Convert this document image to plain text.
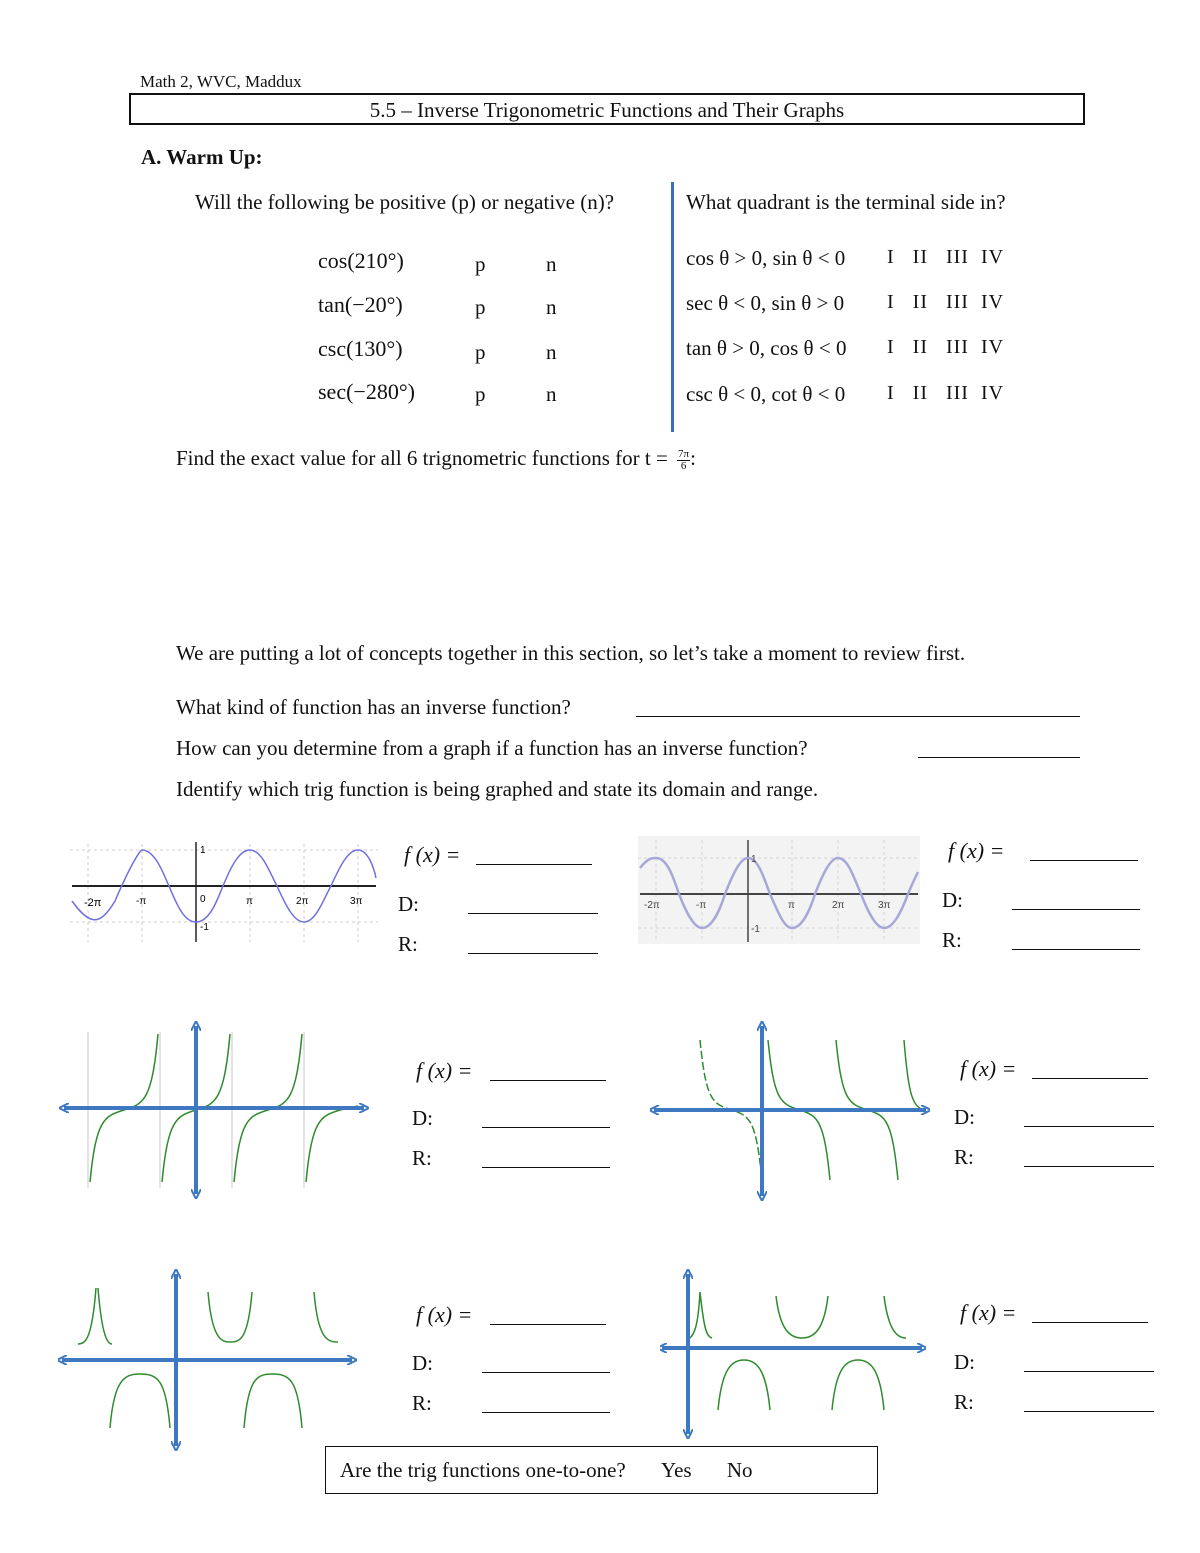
Math 2, WVC, Maddux
5.5 – Inverse Trigonometric Functions and Their Graphs
A. Warm Up:
Will the following be positive (p) or negative (n)?	What quadrant is the terminal side in?
cos(210°)	p	n
tan(−20°)	p	n
csc(130°)	p	n
sec(−280°)	p	n
cos θ > 0, sin θ < 0 I   II   III  IV
sec θ < 0, sin θ > 0 I   II   III  IV
tan θ > 0, cos θ < 0 I   II   III  IV
csc θ < 0, cot θ < 0 I   II   III  IV
Find the exact value for all 6 trignometric functions for $t = \frac{7\pi}{6}$ :
We are putting a lot of concepts together in this section, so let’s take a moment to review first.
What kind of function has an inverse function?
How can you determine from a graph if a function has an inverse function?
Identify which trig function is being graphed and state its domain and range.
-2π	-π	0	π	2π	3π
1
-1
-2π	-π	π	2π	3π
1
-1
f (x) =
D:
R:
f (x) =
D:
R:
f (x) =
D:
R:
f (x) =
D:
R:
f (x) =
D:
R:
f (x) =
D:
R:
Are the trig functions one-to-one? Yes No
